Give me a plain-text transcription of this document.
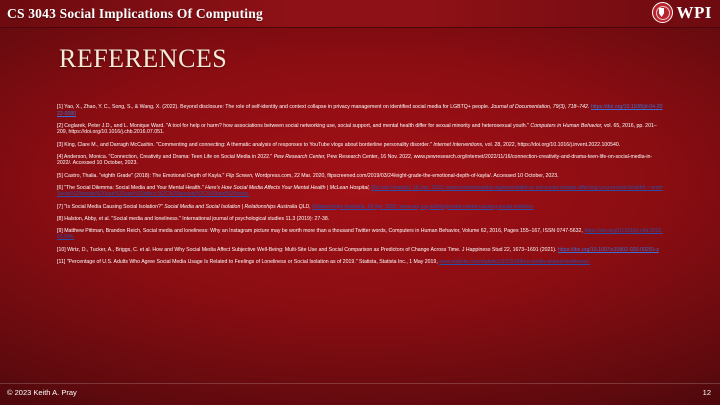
CS 3043 Social Implications Of Computing	WPI
REFERENCES
[1] Yao, X., Zhao, Y. C., Song, S., & Wang, X. (2022). Beyond disclosure: The role of self-identity and context collapse in privacy management on identified social media for LGBTQ+ people. Journal of Documentation, 79(3), 718–742. https://doi.org/10.1108/jd-04-2022-0080
[2] Ceglarek, Peter J.D., and L. Monique Ward. "A tool for help or harm? how associations between social networking use, social support, and mental health differ for sexual minority and heterosexual youth." Computers in Human Behavior, vol. 65, 2016, pp. 201–209, https://doi.org/10.1016/j.chb.2016.07.051.
[3] King, Clare M., and Darragh McCashin. "Commenting and connecting: A thematic analysis of responses to YouTube vlogs about borderline personality disorder." Internet Interventions, vol. 28, 2022, https://doi.org/10.1016/j.invent.2022.100540.
[4] Anderson, Monica. "Connection, Creativity and Drama: Teen Life on Social Media in 2022." Pew Research Center, Pew Research Center, 16 Nov. 2022, www.pewresearch.org/internet/2022/11/16/connection-creativity-and-drama-teen-life-on-social-media-in-2022/. Accessed 10 October, 2023.
[5] Castro, Thalia. "eighth Grade" (2018): The Emotional Depth of Kayla." Flip Screen, Wordpress.com, 22 Mar. 2020, flipscreened.com/2019/03/24/eight-grade-the-emotional-depth-of-kayla/. Accessed 10 October, 2023.
[6] "The Social Dilemma: Social Media and Your Mental Health." Here's How Social Media Affects Your Mental Health | McLean Hospital, McLean Hospital, 18 Jan. 2023, www.mcleanhospital.org/essential/it-or-not-social-medias-affecting-your-mental-health#:~:text=Social%20media%20use%20can%20affect,%2C%20anxiety%2C%20and%20more.
[7] "Is Social Media Causing Social Isolation?" Social Media and Social Isolation | Relationships Australia QLD, Relationships Australia, 20 Apr. 2022, www.raq.org.au/blog/social-media-causing-social-isolation.
[8] Halston, Abby, et al. "Social media and loneliness." International journal of psychological studies 11.3 (2019): 27-38.
[9] Matthew Pittman, Brandon Reich, Social media and loneliness: Why an Instagram picture may be worth more than a thousand Twitter words, Computers in Human Behavior, Volume 62, 2016, Pages 155–167, ISSN 0747-5632, https://doi.org/10.1016/j.chb.2016.03.084.
[10] Wirtz, D., Tucker, A., Briggs, C. et al. How and Why Social Media Affect Subjective Well-Being: Multi-Site Use and Social Comparison as Predictors of Change Across Time. J Happiness Stud 22, 1673–1691 (2021). https://doi.org/10.1007/s10902-020-00291-z
[11] "Percentage of U.S. Adults Who Agree Social Media Usage Is Related to Feelings of Loneliness or Social Isolation as of 2019." Statista, Statista Inc., 1 May 2019, www.statista.com/statistics/1015184/us-media-related-loneliness/.
© 2023 Keith A. Pray	12
